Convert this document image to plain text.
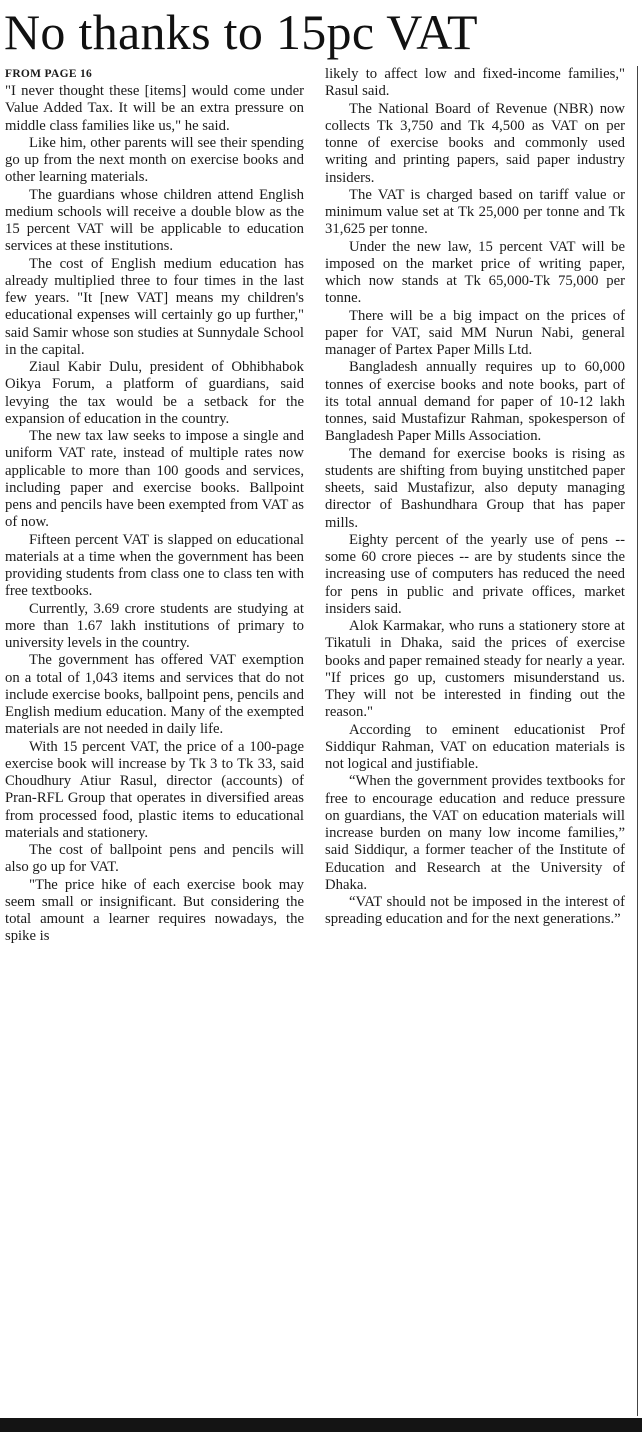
No thanks to 15pc VAT
FROM PAGE 16

"I never thought these [items] would come under Value Added Tax. It will be an extra pressure on middle class families like us," he said.

Like him, other parents will see their spending go up from the next month on exercise books and other learning materials.

The guardians whose children attend English medium schools will receive a double blow as the 15 percent VAT will be applicable to education services at these institutions.

The cost of English medium education has already multiplied three to four times in the last few years. "It [new VAT] means my children's educational expenses will certainly go up further," said Samir whose son studies at Sunnydale School in the capital.

Ziaul Kabir Dulu, president of Obhibhabok Oikya Forum, a platform of guardians, said levying the tax would be a setback for the expansion of education in the country.

The new tax law seeks to impose a single and uniform VAT rate, instead of multiple rates now applicable to more than 100 goods and services, including paper and exercise books. Ballpoint pens and pencils have been exempted from VAT as of now.

Fifteen percent VAT is slapped on educational materials at a time when the government has been providing students from class one to class ten with free textbooks.

Currently, 3.69 crore students are studying at more than 1.67 lakh institutions of primary to university levels in the country.

The government has offered VAT exemption on a total of 1,043 items and services that do not include exercise books, ballpoint pens, pencils and English medium education. Many of the exempted materials are not needed in daily life.

With 15 percent VAT, the price of a 100-page exercise book will increase by Tk 3 to Tk 33, said Choudhury Atiur Rasul, director (accounts) of Pran-RFL Group that operates in diversified areas from processed food, plastic items to educational materials and stationery.

The cost of ballpoint pens and pencils will also go up for VAT.

"The price hike of each exercise book may seem small or insignificant. But considering the total amount a learner requires nowadays, the spike is

likely to affect low and fixed-income families," Rasul said.

The National Board of Revenue (NBR) now collects Tk 3,750 and Tk 4,500 as VAT on per tonne of exercise books and commonly used writing and printing papers, said paper industry insiders.

The VAT is charged based on tariff value or minimum value set at Tk 25,000 per tonne and Tk 31,625 per tonne.

Under the new law, 15 percent VAT will be imposed on the market price of writing paper, which now stands at Tk 65,000-Tk 75,000 per tonne.

There will be a big impact on the prices of paper for VAT, said MM Nurun Nabi, general manager of Partex Paper Mills Ltd.

Bangladesh annually requires up to 60,000 tonnes of exercise books and note books, part of its total annual demand for paper of 10-12 lakh tonnes, said Mustafizur Rahman, spokesperson of Bangladesh Paper Mills Association.

The demand for exercise books is rising as students are shifting from buying unstitched paper sheets, said Mustafizur, also deputy managing director of Bashundhara Group that has paper mills.

Eighty percent of the yearly use of pens -- some 60 crore pieces -- are by students since the increasing use of computers has reduced the need for pens in public and private offices, market insiders said.

Alok Karmakar, who runs a stationery store at Tikatuli in Dhaka, said the prices of exercise books and paper remained steady for nearly a year. "If prices go up, customers misunderstand us. They will not be interested in finding out the reason."

According to eminent educationist Prof Siddiqur Rahman, VAT on education materials is not logical and justifiable.

“When the government provides textbooks for free to encourage education and reduce pressure on guardians, the VAT on education materials will increase burden on many low income families,” said Siddiqur, a former teacher of the Institute of Education and Research at the University of Dhaka.

“VAT should not be imposed in the interest of spreading education and for the next generations.”
